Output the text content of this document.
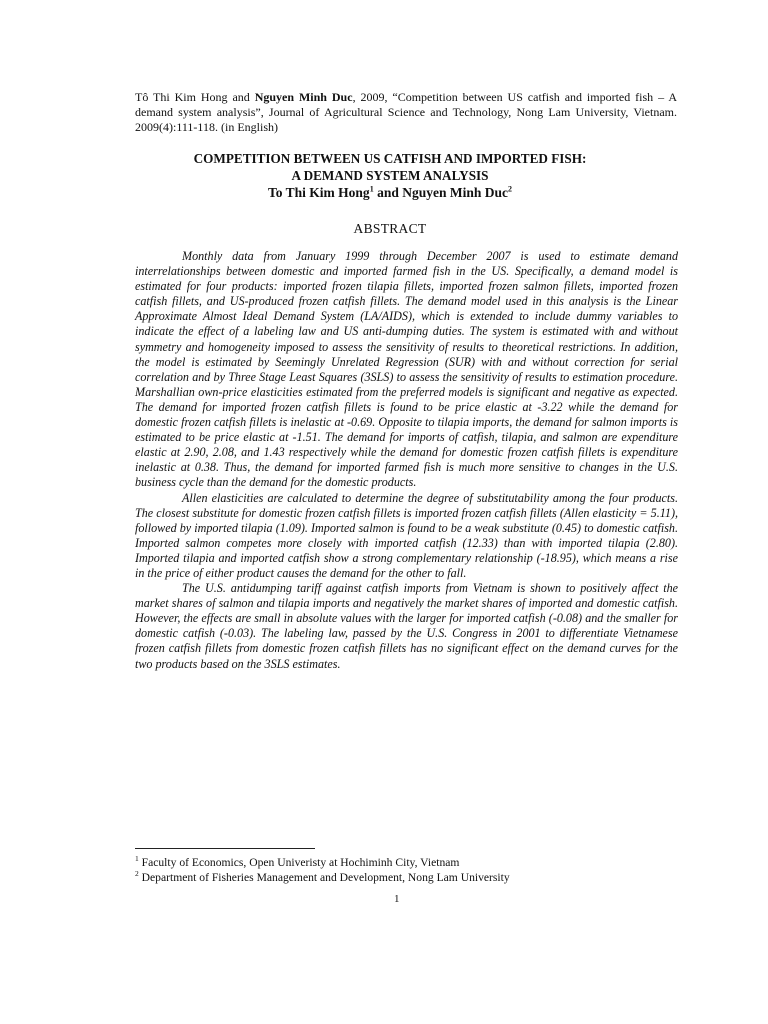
Tô Thi Kim Hong and Nguyen Minh Duc, 2009, “Competition between US catfish and imported fish – A demand system analysis”, Journal of Agricultural Science and Technology, Nong Lam University, Vietnam. 2009(4):111-118. (in English)
COMPETITION BETWEEN US CATFISH AND IMPORTED FISH:
A DEMAND SYSTEM ANALYSIS
To Thi Kim Hong$^1$ and Nguyen Minh Duc$^2$
ABSTRACT

Monthly data from January 1999 through December 2007 is used to estimate demand interrelationships between domestic and imported farmed fish in the US. Specifically, a demand model is estimated for four products: imported frozen tilapia fillets, imported frozen salmon fillets, imported frozen catfish fillets, and US-produced frozen catfish fillets. The demand model used in this analysis is the Linear Approximate Almost Ideal Demand System (LA/AIDS), which is extended to include dummy variables to indicate the effect of a labeling law and US anti-dumping duties. The system is estimated with and without symmetry and homogeneity imposed to assess the sensitivity of results to theoretical restrictions. In addition, the model is estimated by Seemingly Unrelated Regression (SUR) with and without correction for serial correlation and by Three Stage Least Squares (3SLS) to assess the sensitivity of results to estimation procedure. Marshallian own-price elasticities estimated from the preferred models is significant and negative as expected. The demand for imported frozen catfish fillets is found to be price elastic at -3.22 while the demand for domestic frozen catfish fillets is inelastic at -0.69. Opposite to tilapia imports, the demand for salmon imports is estimated to be price elastic at -1.51. The demand for imports of catfish, tilapia, and salmon are expenditure elastic at 2.90, 2.08, and 1.43 respectively while the demand for domestic frozen catfish fillets is expenditure inelastic at 0.38. Thus, the demand for imported farmed fish is much more sensitive to changes in the U.S. business cycle than the demand for the domestic products.

Allen elasticities are calculated to determine the degree of substitutability among the four products. The closest substitute for domestic frozen catfish fillets is imported frozen catfish fillets (Allen elasticity = 5.11), followed by imported tilapia (1.09). Imported salmon is found to be a weak substitute (0.45) to domestic catfish. Imported salmon competes more closely with imported catfish (12.33) than with imported tilapia (2.80). Imported tilapia and imported catfish show a strong complementary relationship (-18.95), which means a rise in the price of either product causes the demand for the other to fall.

The U.S. antidumping tariff against catfish imports from Vietnam is shown to positively affect the market shares of salmon and tilapia imports and negatively the market shares of imported and domestic catfish. However, the effects are small in absolute values with the larger for imported catfish (-0.08) and the smaller for domestic catfish (-0.03). The labeling law, passed by the U.S. Congress in 2001 to differentiate Vietnamese frozen catfish fillets from domestic frozen catfish fillets has no significant effect on the demand curves for the two products based on the 3SLS estimates.

$^1$ Faculty of Economics, Open Univeristy at Hochiminh City, Vietnam
$^2$ Department of Fisheries Management and Development, Nong Lam University
1
